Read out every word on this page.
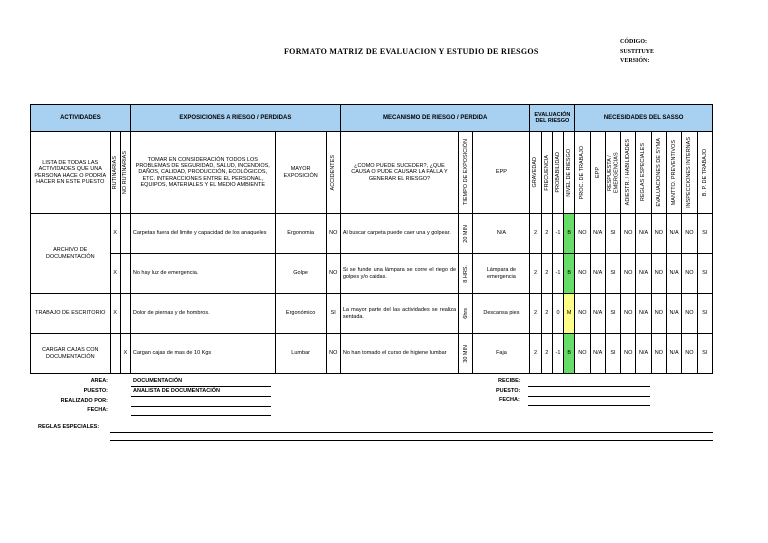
FORMATO MATRIZ DE EVALUACION Y ESTUDIO DE RIESGOS
CÓDIGO:
SUSTITUYE
VERSIÓN:
ACTIVIDADES			EXPOSICIONES A RIESGO / PERDIDAS			MECANISMO DE RIESGO / PERDIDA			EVALUACIÓN DEL RIESGO				NECESIDADES DEL SASSO								
LISTA DE TODAS LAS ACTIVIDADES QUE UNA PERSONA HACE O PODRÍA HACER EN ESTE PUESTO	RUTINARIAS	NO RUTINARIAS	TOMAR EN CONSIDERACIÓN TODOS LOS PROBLEMAS DE SEGURIDAD, SALUD, INCENDIOS, DAÑOS, CALIDAD, PRODUCCIÓN, ECOLÓGICOS, ETC. INTERACCIONES ENTRE EL PERSONAL, EQUIPOS, MATERIALES Y EL MEDIO AMBIENTE	MAYOR EXPOSICIÓN	ACCIDENTES	¿COMO PUEDE SUCEDER?, ¿QUE CAUSA O PUDE CAUSAR LA FALLA Y GENERAR EL RIESGO?	TIEMPO DE EXPOSICIÓN	EPP	GRAVEDAD	FRECUENCIA	PROBABILIDAD	NIVEL DE RIESGO	PROC. DE TRABAJO	EPP	RESPUESTA / EMERGENCIAS	ADIESTR. / HABILIDADES	REGLAS ESPECIALES	EVALUACIONES DE SYMA	MANTTO. PREVENTIVOS	INSPECCIONES INTERNAS	B. P. DE TRABAJO

ARCHIVO DE DOCUMENTACIÓN	X		Carpetas fuera del limite y capacidad de los anaqueles	Ergonomia	NO	Al buscar carpeta puede caer una y golpear.	20 MIN	N/A	2	2	-1	B	NO	N/A	SI	NO	N/A	NO	N/A	NO	SI
	X		No hay luz de emergencia.	Golpe	NO	Si se funde una lámpara se corre el riego de golpes y/o caidas.	8 HRS.	Lámpara de emergencia	2	2	-1	B	NO	N/A	SI	NO	N/A	NO	N/A	NO	SI
TRABAJO DE ESCRITORIO	X		Dolor de piernas y de hombros.	Ergonómico	SI	La mayor parte del las actividades se realiza sentada.	6hrs	Descansa pies	2	2	0	M	NO	N/A	SI	NO	N/A	NO	N/A	NO	SI
CARGAR CAJAS CON DOCUMENTACIÓN		X	Cargan cajas de mas de 10 Kgs	Lumbar	NO	No han tomado el curso de higiene lumbar	30 MIN	Faja	2	2	-1	B	NO	N/A	SI	NO	N/A	NO	N/A	NO	SI
AREA:	DOCUMENTACIÓN
PUESTO:	ANALISTA DE DOCUMENTACIÓN
REALIZADO POR:
FECHA:
REGLAS ESPECIALES:
RECIBE:
PUESTO:
FECHA:
